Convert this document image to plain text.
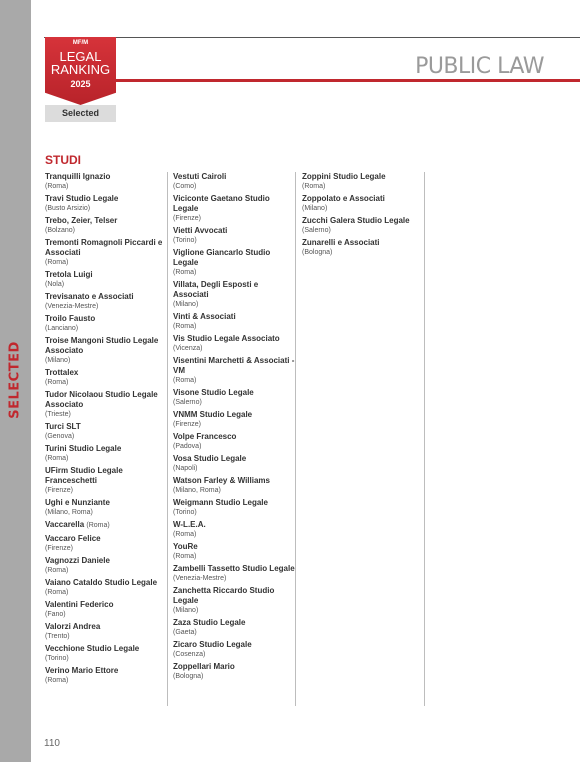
SELECTED
MF/M
LEGAL
RANKING
2025
Selected
PUBLIC LAW
STUDI
Tranquilli Ignazio
(Roma)
Travi Studio Legale
(Busto Arsizio)
Trebo, Zeier, Telser
(Bolzano)
Tremonti Romagnoli Piccardi e Associati
(Roma)
Tretola Luigi
(Nola)
Trevisanato e Associati
(Venezia-Mestre)
Troilo Fausto
(Lanciano)
Troise Mangoni Studio Legale Associato
(Milano)
Trottalex
(Roma)
Tudor Nicolaou Studio Legale Associato
(Trieste)
Turci SLT
(Genova)
Turini Studio Legale
(Roma)
UFirm Studio Legale Franceschetti
(Firenze)
Ughi e Nunziante
(Milano, Roma)
Vaccarella (Roma)
Vaccaro Felice
(Firenze)
Vagnozzi Daniele
(Roma)
Vaiano Cataldo Studio Legale
(Roma)
Valentini Federico
(Fano)
Valorzi Andrea
(Trento)
Vecchione Studio Legale
(Torino)
Verino Mario Ettore
(Roma)
Vestuti Cairoli
(Como)
Viciconte Gaetano Studio Legale
(Firenze)
Vietti Avvocati
(Torino)
Viglione Giancarlo Studio Legale
(Roma)
Villata, Degli Esposti e Associati
(Milano)
Vinti & Associati
(Roma)
Vis Studio Legale Associato
(Vicenza)
Visentini Marchetti & Associati - VM
(Roma)
Visone Studio Legale
(Salerno)
VNMM Studio Legale
(Firenze)
Volpe Francesco
(Padova)
Vosa Studio Legale
(Napoli)
Watson Farley & Williams
(Milano, Roma)
Weigmann Studio Legale
(Torino)
W-L.E.A.
(Roma)
YouRe
(Roma)
Zambelli Tassetto Studio Legale
(Venezia-Mestre)
Zanchetta Riccardo Studio Legale
(Milano)
Zaza Studio Legale
(Gaeta)
Zicaro Studio Legale
(Cosenza)
Zoppellari Mario
(Bologna)
Zoppini Studio Legale
(Roma)
Zoppolato e Associati
(Milano)
Zucchi Galera Studio Legale
(Salerno)
Zunarelli e Associati
(Bologna)
110
